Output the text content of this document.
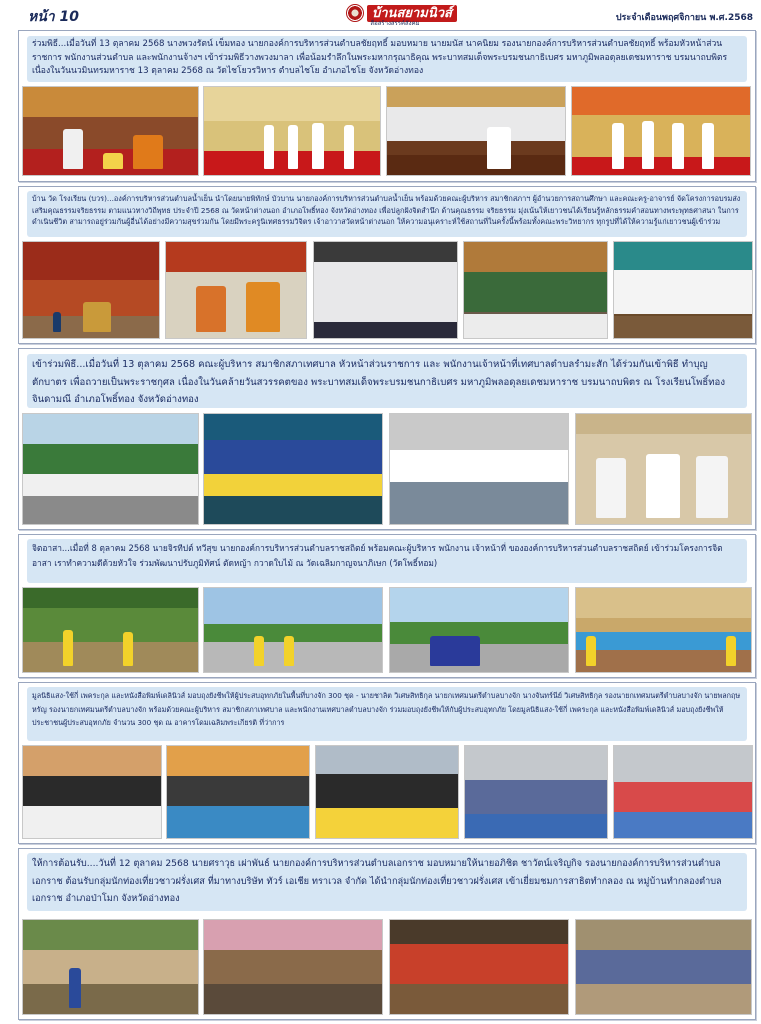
หน้า 10	บ้านสยามนิวส์
สื่อสร้างสรรค์สังคม
ประจำเดือนพฤศจิกายน พ.ศ.2568

ร่วมพิธี...เมื่อวันที่ 13 ตุลาคม 2568 นางพวงรัตน์ เข็มทอง นายกองค์การบริหารส่วนตำบลชัยฤทธิ์ มอบหมาย นายมนัส นาคนิยม รองนายกองค์การบริหารส่วนตำบลชัยฤทธิ์ พร้อมหัวหน้าส่วนราชการ พนักงานส่วนตำบล และพนักงานจ้างฯ เข้าร่วมพิธีวางพวงมาลา เพื่อน้อมรำลึกในพระมหากรุณาธิคุณ พระบาทสมเด็จพระบรมชนกาธิเบศร มหาภูมิพลอดุลยเดชมหาราช บรมนาถบพิตร เนื่องในวันนวมินทรมหาราช 13 ตุลาคม 2568 ณ วัดไชโยวรวิหาร ตำบลไชโย อำเภอไชโย จังหวัดอ่างทอง

บ้าน วัด โรงเรียน (บวร)...องค์การบริหารส่วนตำบลน้ำเย็น นำโดยนายพิทักษ์ บัวบาน นายกองค์การบริหารส่วนตำบลน้ำเย็น พร้อมด้วยคณะผู้บริหาร สมาชิกสภาฯ ผู้อำนวยการสถานศึกษา และคณะครู-อาจารย์ จัดโครงการอบรมส่งเสริมคุณธรรมจริยธรรม ตามแนวทางวิถีพุทธ ประจำปี 2568 ณ วัดหน้าต่างนอก อำเภอโพธิ์ทอง จังหวัดอ่างทอง เพื่อปลูกฝังจิตสำนึก ด้านคุณธรรม จริยธรรม มุ่งเน้นให้เยาวชนได้เรียนรู้หลักธรรมคำสอนทางพระพุทธศาสนา ในการดำเนินชีวิต สามารถอยู่ร่วมกันผู้อื่นได้อย่างมีความสุขร่วมกัน โดยมีพระครูนิเทศธรรมวิจิตร เจ้าอาวาสวัดหน้าต่างนอก ให้ความอนุเคราะห์ใช้สถานที่ในครั้งนี้พร้อมทั้งคณะพระวิทยากร ทุกรูปที่ได้ให้ความรู้แก่เยาวชนผู้เข้าร่วม

เข้าร่วมพิธี...เมื่อวันที่ 13 ตุลาคม 2568 คณะผู้บริหาร สมาชิกสภาเทศบาล หัวหน้าส่วนราชการ และ พนักงานเจ้าหน้าที่เทศบาลตำบลรำมะสัก ได้ร่วมกันเข้าพิธี ทำบุญตักบาตร เพื่อถวายเป็นพระราชกุศล เนื่องในวันคล้ายวันสวรรคตของ พระบาทสมเด็จพระบรมชนกาธิเบศร มหาภูมิพลอดุลยเดชมหาราช บรมนาถบพิตร ณ โรงเรียนโพธิ์ทองจินดามณี อำเภอโพธิ์ทอง จังหวัดอ่างทอง

จิตอาสา...เมื่อที่ 8 ตุลาคม 2568 นายจิรทีปต์ ทวีสุข นายกองค์การบริหารส่วนตำบลราชสถิตย์ พร้อมคณะผู้บริหาร พนักงาน เจ้าหน้าที่ ขององค์การบริหารส่วนตำบลราชสถิตย์ เข้าร่วมโครงการจิตอาสา เราทำความดีด้วยหัวใจ ร่วมพัฒนาปรับภูมิทัศน์ ตัดหญ้า กวาดใบไม้ ณ วัดเฉลิมกาญจนาภิเษก (วัดโพธิ์หอม)

มูลนิธิแสง-ใช้กี่ เพคระกุล และหนังสือพิมพ์เดลินิวส์ มอบถุงยังชีพให้ผู้ประสบอุทกภัยในพื้นที่บางจัก 300 ชุด - นายชาลิต วิเศษสิทธิกุล นายกเทศมนตรีตำบลบางจัก นางจันทร์นีย์ วิเศษสิทธิกุล รองนายกเทศมนตรีตำบลบางจัก นายพลกฤษ หรัญ รองนายกเทศมนตรีตำบลบางจัก พร้อมด้วยคณะผู้บริหาร สมาชิกสภาเทศบาล และพนักงานเทศบาลตำบลบางจัก ร่วมมอบถุงยังชีพให้กับผู้ประสบอุทกภัย โดยมูลนิธิแสง-ใช้กี่ เพคระกุล และหนังสือพิมพ์เดลินิวส์ มอบถุงยังชีพให้ประชาชนผู้ประสบอุทกภัย จำนวน 300 ชุด ณ อาคารโดมเฉลิมพระเกียรติ ที่ว่าการ

ให้การต้อนรับ....วันที่ 12 ตุลาคม 2568 นายศราวุธ เผ่าพันธ์ นายกองค์การบริหารส่วนตำบลเอกราช มอบหมายให้นายอภิชิต ชาวัตน์เจริญกิจ รองนายกองค์การบริหารส่วนตำบลเอกราช ต้อนรับกลุ่มนักท่องเที่ยวชาวฝรั่งเศส ที่มาทางบริษัท ทัวร์ เอเชีย ทราเวล จำกัด ได้นำกลุ่มนักท่องเที่ยวชาวฝรั่งเศส เข้าเยี่ยมชมการสาธิตทำกลอง ณ หมู่บ้านทำกลองตำบลเอกราช อำเภอป่าโมก จังหวัดอ่างทอง
